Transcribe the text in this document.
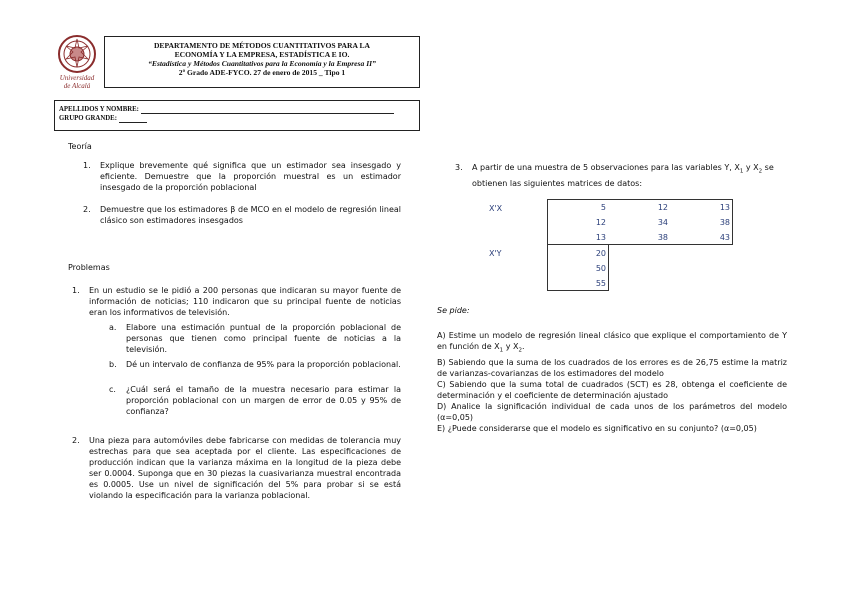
Universidad
de Alcalá
DEPARTAMENTO DE MÉTODOS CUANTITATIVOS PARA LA
ECONOMÍA Y LA EMPRESA, ESTADÍSTICA E IO.
“Estadística y Métodos Cuantitativos para la Economía y la Empresa II”
2º Grado ADE-FYCO. 27 de enero de 2015 _ Tipo 1
APELLIDOS Y NOMBRE:
GRUPO GRANDE:
Teoría
1. Explique brevemente qué significa que un estimador sea insesgado y eficiente. Demuestre que la proporción muestral es un estimador insesgado de la proporción poblacional
2. Demuestre que los estimadores β de MCO en el modelo de regresión lineal clásico son estimadores insesgados
Problemas
1. En un estudio se le pidió a 200 personas que indicaran su mayor fuente de información de noticias; 110 indicaron que su principal fuente de noticias eran los informativos de televisión.
a. Elabore una estimación puntual de la proporción poblacional de personas que tienen como principal fuente de noticias a la televisión.
b. Dé un intervalo de confianza de 95% para la proporción poblacional.
c. ¿Cuál será el tamaño de la muestra necesario para estimar la proporción poblacional con un margen de error de 0.05 y 95% de confianza?
2. Una pieza para automóviles debe fabricarse con medidas de tolerancia muy estrechas para que sea aceptada por el cliente. Las especificaciones de producción indican que la varianza máxima en la longitud de la pieza debe ser 0.0004. Suponga que en 30 piezas la cuasivarianza muestral encontrada es 0.0005. Use un nivel de significación del 5% para probar si se está violando la especificación para la varianza poblacional.
3. A partir de una muestra de 5 observaciones para las variables Y, $X_1$ y $X_2$ se obtienen las siguientes matrices de datos:
X'X
X'Y
5	12	13
12	34	38
13	38	43
20
50
55
Se pide:
A) Estime un modelo de regresión lineal clásico que explique el comportamiento de Y en función de $X_1$ y $X_2$.
B) Sabiendo que la suma de los cuadrados de los errores es de 26,75 estime la matriz de varianzas-covarianzas de los estimadores del modelo
C) Sabiendo que la suma total de cuadrados (SCT) es 28, obtenga el coeficiente de determinación y el coeficiente de determinación ajustado
D) Analice la significación individual de cada unos de los parámetros del modelo (α=0,05)
E) ¿Puede considerarse que el modelo es significativo en su conjunto? (α=0,05)
